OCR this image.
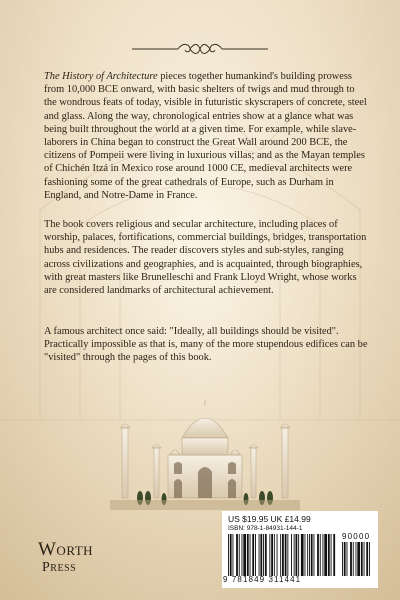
The History of Architecture pieces together humankind's building prowess from 10,000 BCE onward, with basic shelters of twigs and mud through to the wondrous feats of today, visible in futuristic skyscrapers of concrete, steel and glass. Along the way, chronological entries show at a glance what was being built throughout the world at a given time. For example, while slave-laborers in China began to construct the Great Wall around 200 BCE, the citizens of Pompeii were living in luxurious villas; and as the Mayan temples of Chichén Itzá in Mexico rose around 1000 CE, medieval architects were fashioning some of the great cathedrals of Europe, such as Durham in England, and Notre-Dame in France.

The book covers religious and secular architecture, including places of worship, palaces, fortifications, commercial buildings, bridges, transportation hubs and residences. The reader discovers styles and sub-styles, ranging across civilizations and geographies, and is acquainted, through biographies, with great masters like Brunelleschi and Frank Lloyd Wright, whose works are considered landmarks of architectural achievement.

A famous architect once said: "Ideally, all buildings should be visited". Practically impossible as that is, many of the more stupendous edifices can be "visited" through the pages of this book.

Worth
Press
US $19.95 UK £14.99
ISBN: 978-1-84931-144-1
90000
9 781849 311441
